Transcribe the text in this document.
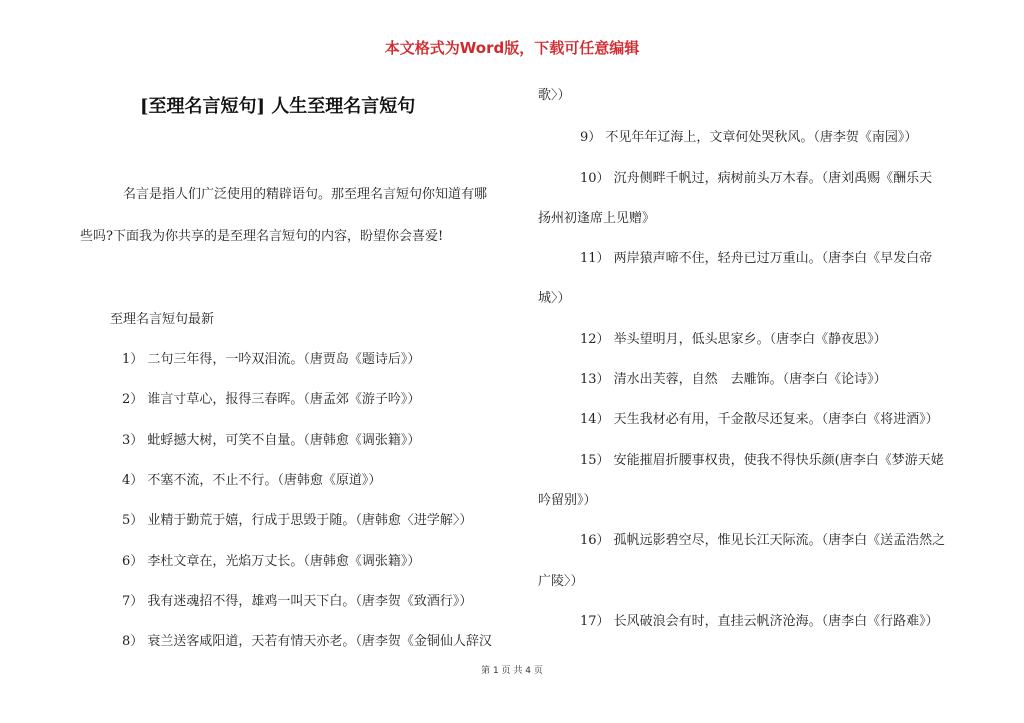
本文格式为Word版，下载可任意编辑
[至理名言短句] 人生至理名言短句
名言是指人们广泛使用的精辟语句。那至理名言短句你知道有哪
些吗?下面我为你共享的是至理名言短句的内容，盼望你会喜爱!
至理名言短句最新
1） 二句三年得，一吟双泪流。（唐贾岛《题诗后》）
2） 谁言寸草心，报得三春晖。（唐孟郊《游子吟》）
3） 蚍蜉撼大树，可笑不自量。（唐韩愈《调张籍》）
4） 不塞不流，不止不行。（唐韩愈《原道》）
5） 业精于勤荒于嬉，行成于思毁于随。（唐韩愈〈进学解〉）
6） 李杜文章在，光焰万丈长。（唐韩愈《调张籍》）
7） 我有迷魂招不得，雄鸡一叫天下白。（唐李贺《致酒行》）
8） 衰兰送客咸阳道，天若有情天亦老。（唐李贺《金铜仙人辞汉
歌〉）
9） 不见年年辽海上，文章何处哭秋风。（唐李贺《南园》）
10） 沉舟侧畔千帆过，病树前头万木春。（唐刘禹赐《酬乐天
扬州初逢席上见赠》
11） 两岸猿声啼不住，轻舟已过万重山。（唐李白《早发白帝
城〉）
12） 举头望明月，低头思家乡。（唐李白《静夜思》）
13） 清水出芙蓉，自然　去雕饰。（唐李白《论诗》）
14） 天生我材必有用，千金散尽还复来。（唐李白《将进酒》）
15） 安能摧眉折腰事权贵，使我不得快乐颜(唐李白《梦游天姥
吟留别》）
16） 孤帆远影碧空尽，惟见长江天际流。（唐李白《送孟浩然之
广陵〉）
17） 长风破浪会有时，直挂云帆济沧海。（唐李白《行路难》）
第 1 页 共 4 页
